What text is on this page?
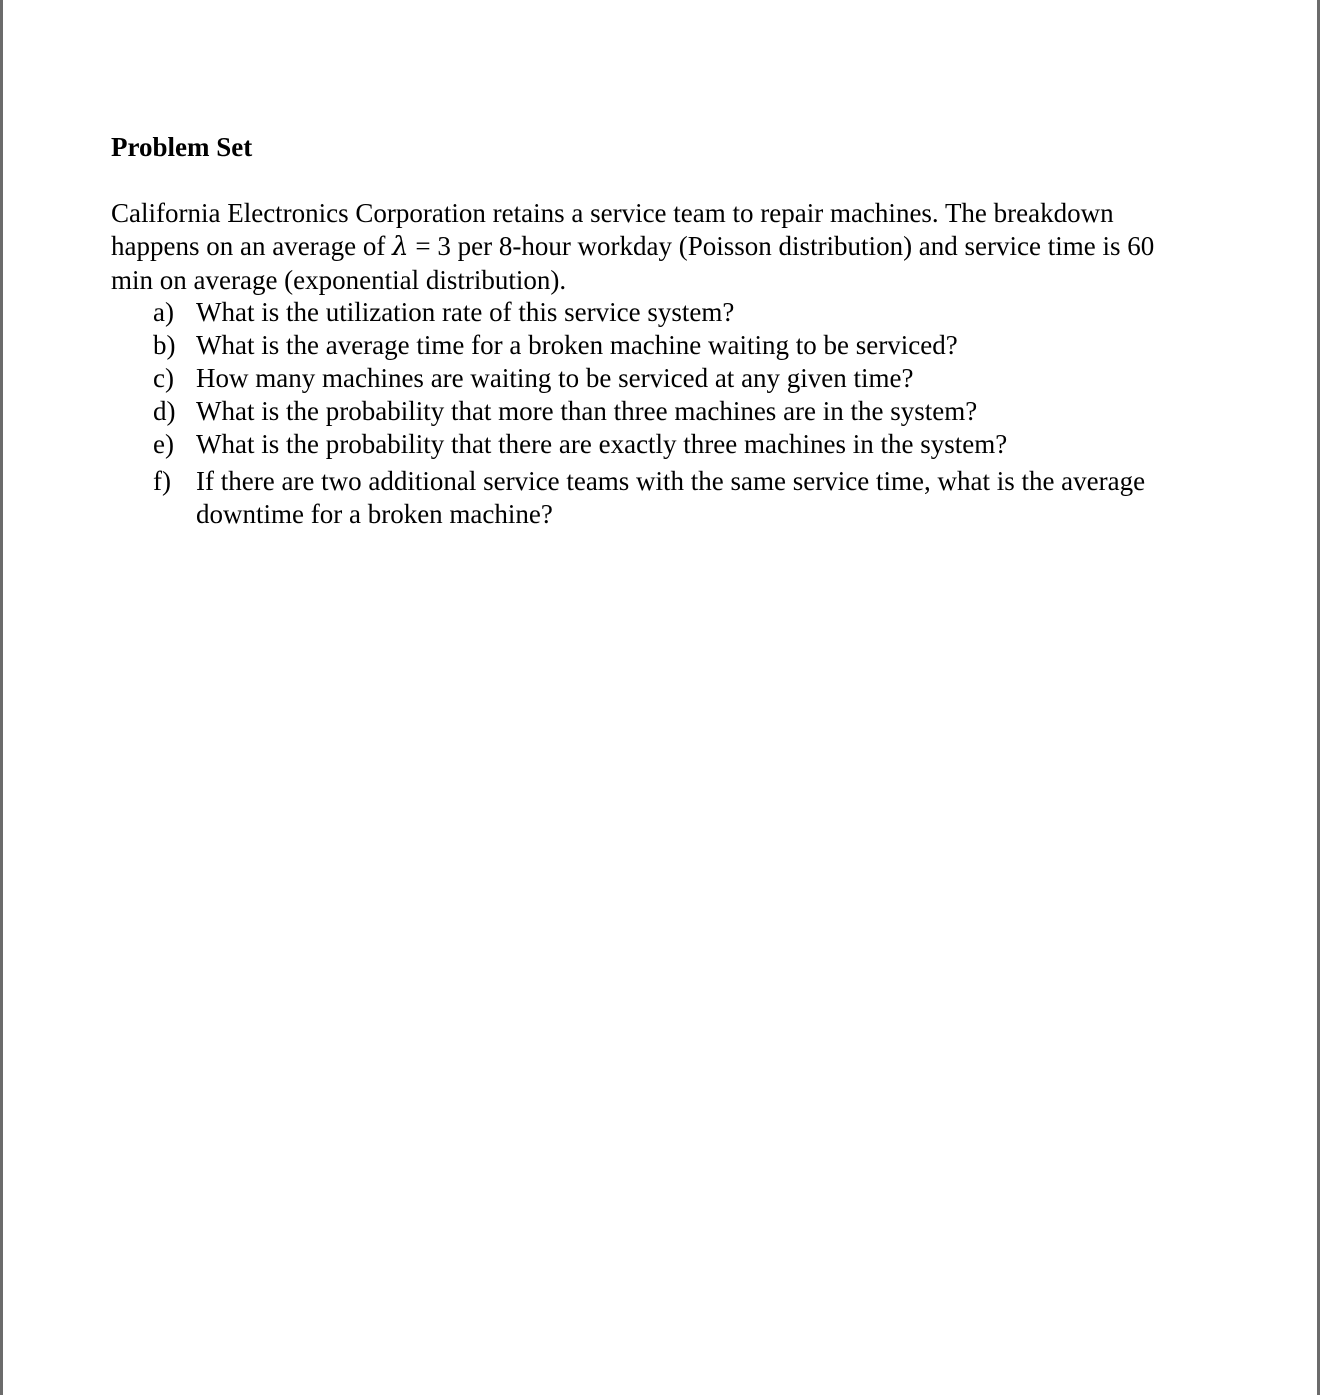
Problem Set
California Electronics Corporation retains a service team to repair machines. The breakdown
happens on an average of λ = 3 per 8-hour workday (Poisson distribution) and service time is 60
min on average (exponential distribution).
a) What is the utilization rate of this service system?
b) What is the average time for a broken machine waiting to be serviced?
c) How many machines are waiting to be serviced at any given time?
d) What is the probability that more than three machines are in the system?
e) What is the probability that there are exactly three machines in the system?
f) If there are two additional service teams with the same service time, what is the average downtime for a broken machine?
